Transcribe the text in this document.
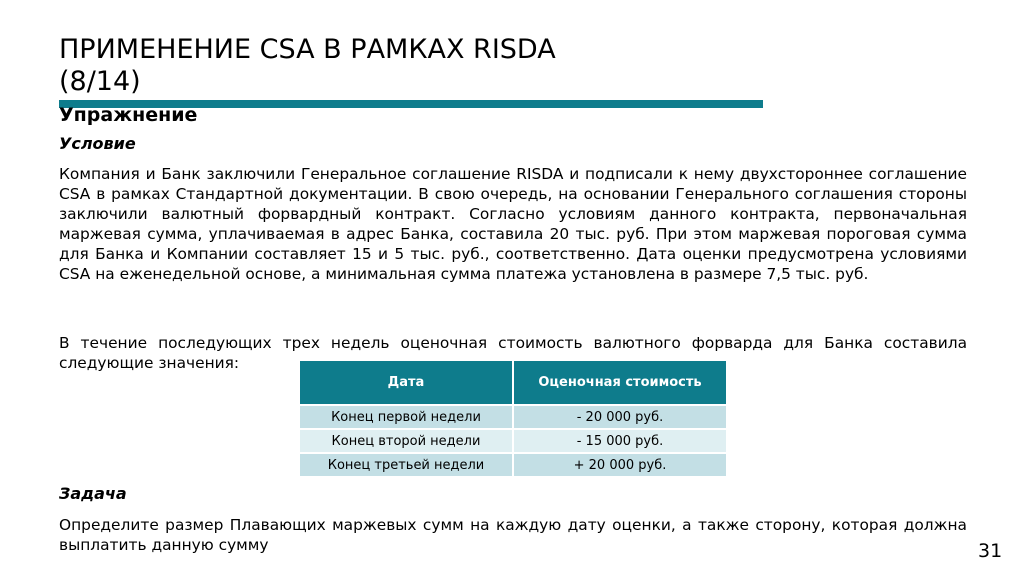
ПРИМЕНЕНИЕ CSA В РАМКАХ RISDA
(8/14)
Упражнение
Условие

Компания и Банк заключили Генеральное соглашение RISDA и подписали к нему двухстороннее соглашение CSA в рамках Стандартной документации. В свою очередь, на основании Генерального соглашения стороны заключили валютный форвардный контракт. Согласно условиям данного контракта, первоначальная маржевая сумма, уплачиваемая в адрес Банка, составила 20 тыс. руб. При этом маржевая пороговая сумма для Банка и Компании составляет 15 и 5 тыс. руб., соответственно. Дата оценки предусмотрена условиями CSA на еженедельной основе, а минимальная сумма платежа установлена в размере 7,5 тыс. руб.

В течение последующих трех недель оценочная стоимость валютного форварда для Банка составила следующие значения:

Дата	Оценочная стоимость
Конец первой недели	- 20 000 руб.
Конец второй недели	- 15 000 руб.
Конец третьей недели	+ 20 000 руб.
Задача

Определите размер Плавающих маржевых сумм на каждую дату оценки, а также сторону, которая должна выплатить данную сумму	31
